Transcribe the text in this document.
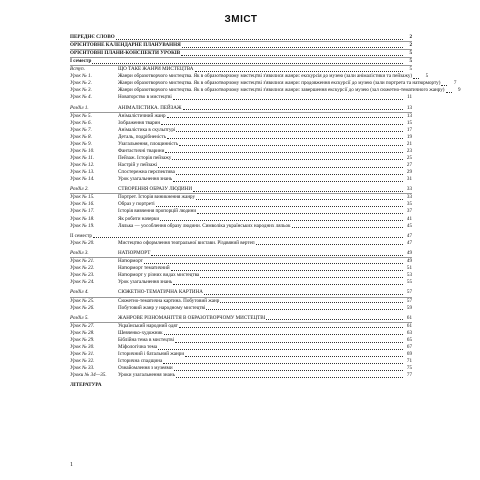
ЗМІСТ
ПЕРЕДНЄ СЛОВО	2
ОРІЄНТОВНЕ КАЛЕНДАРНЕ ПЛАНУВАННЯ	2
ОРІЄНТОВНІ ПЛАНИ-КОНСПЕКТИ УРОКІВ	5
І семестр	5
Вступ.	ЩО ТАКЕ ЖАНРИ МИСТЕЦТВА	5
Урок № 1.	Жанри образотворчого мистецтва. Як в образотворчому мистецтві з'явилися жанри: екскурсія до музею (зали анімалістики та пейзажу)	5
Урок № 2.	Жанри образотворчого мистецтва. Як в образотворчому мистецтві з'явилися жанри: продовження екскурсії до музею (зали портрета та натюрморту)	7
Урок № 3.	Жанри образотворчого мистецтва. Як в образотворчому мистецтві з'явилися жанри: завершення екскурсії до музею (зал сюжетно-тематичного жанру)	9
Урок № 4.	Новаторство в мистецтві	11
Розділ 1.	АНІМАЛІСТИКА. ПЕЙЗАЖ	13
Урок № 5.	Анімалістичний жанр	13
Урок № 6.	Зображення тварин	15
Урок № 7.	Анімалістика в скульптурі	17
Урок № 8.	Деталь, подрібненість	19
Урок № 9.	Узагальнення, площинність	21
Урок № 10.	Фантастичні тварини	23
Урок № 11.	Пейзаж. Історія пейзажу	25
Урок № 12.	Настрій у пейзажі	27
Урок № 13.	Спостережна перспектива	29
Урок № 14.	Урок узагальнення знань	31
Розділ 2.	СТВОРЕННЯ ОБРАЗУ ЛЮДИНИ	33
Урок № 15.	Портрет. Історія виникнення жанру	33
Урок № 16.	Образ у портреті	35
Урок № 17.	Історія вивчення пропорцій людини	37
Урок № 18.	Як робити начерки	41
Урок № 19.	Лялька — уособлення образу людини. Символіка українських народних ляльок	45
ІІ семестр	47
Урок № 20.	Мистецтво оформлення театральної вистави. Різдвяний вертеп	47
Розділ 3.	НАТЮРМОРТ	49
Урок № 21.	Натюрморт	49
Урок № 22.	Натюрморт тематичний	51
Урок № 23.	Натюрморт у різних видах мистецтва	53
Урок № 24.	Урок узагальнення знань	55
Розділ 4.	СЮЖЕТНО-ТЕМАТИЧНА КАРТИНА	57
Урок № 25.	Сюжетно-тематична картина. Побутовий жанр	57
Урок № 26.	Побутовий жанр у народному мистецтві	59
Розділ 5.	ЖАНРОВЕ РІЗНОМАНІТТЯ В ОБРАЗОТВОРЧОМУ МИСТЕЦТВІ	61
Урок № 27.	Український народний одяг	61
Урок № 28.	Шевченко-художник	63
Урок № 29.	Біблійна тема в мистецтві	65
Урок № 30.	Міфологічна тема	67
Урок № 31.	Історичний і батальний жанри	69
Урок № 32.	Історична спадщина	71
Урок № 33.	Ознайомлення з музеями	75
Уроки № 34—35.	Уроки узагальнення знань	77
ЛІТЕРАТУРА
1
